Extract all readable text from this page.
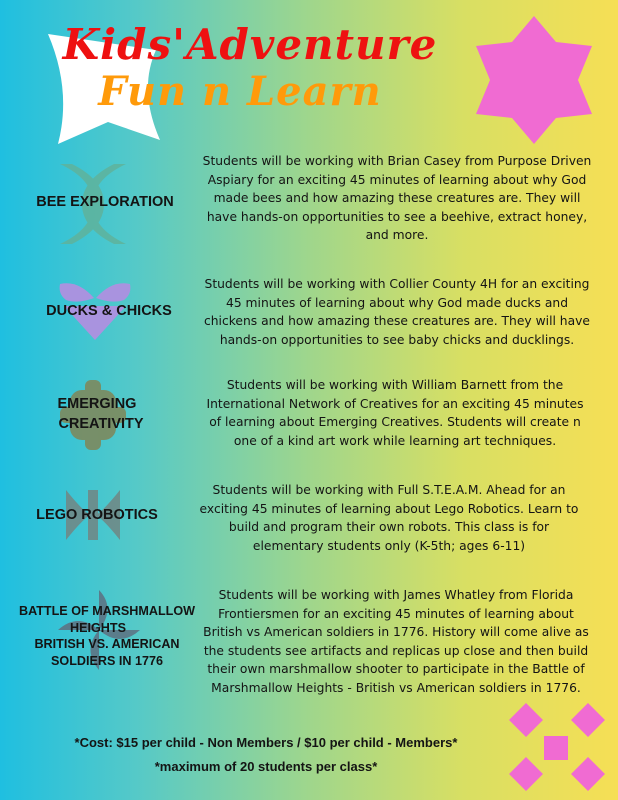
Kids'Adventure
Fun n Learn
BEE EXPLORATION
Students will be working with Brian Casey from Purpose Driven
Aspiary for an exciting 45 minutes of learning about why God
made bees and how amazing these creatures are. They will
have hands-on opportunities to see a beehive, extract honey,
and more.
DUCKS & CHICKS
Students will be working with Collier County 4H for an exciting
45 minutes of learning about why God made ducks and
chickens and how amazing these creatures are. They will have
hands-on opportunities to see baby chicks and ducklings.
EMERGING
CREATIVITY
Students will be working with William Barnett from the
International Network of Creatives for an exciting 45 minutes
of learning about Emerging Creatives. Students will create n
one of a kind art work while learning art techniques.
LEGO ROBOTICS
Students will be working with Full S.T.E.A.M. Ahead for an
exciting 45 minutes of learning about Lego Robotics. Learn to
build and program their own robots. This class is for
elementary students only (K-5th; ages 6-11)
BATTLE OF MARSHMALLOW
HEIGHTS
BRITISH VS. AMERICAN
SOLDIERS IN 1776
Students will be working with James Whatley from Florida
Frontiersmen for an exciting 45 minutes of learning about
British vs American soldiers in 1776. History will come alive as
the students see artifacts and replicas up close and then build
their own marshmallow shooter to participate in the Battle of
Marshmallow Heights - British vs American soldiers in 1776.
*Cost: $15 per child - Non Members / $10 per child - Members*
*maximum of 20 students per class*
